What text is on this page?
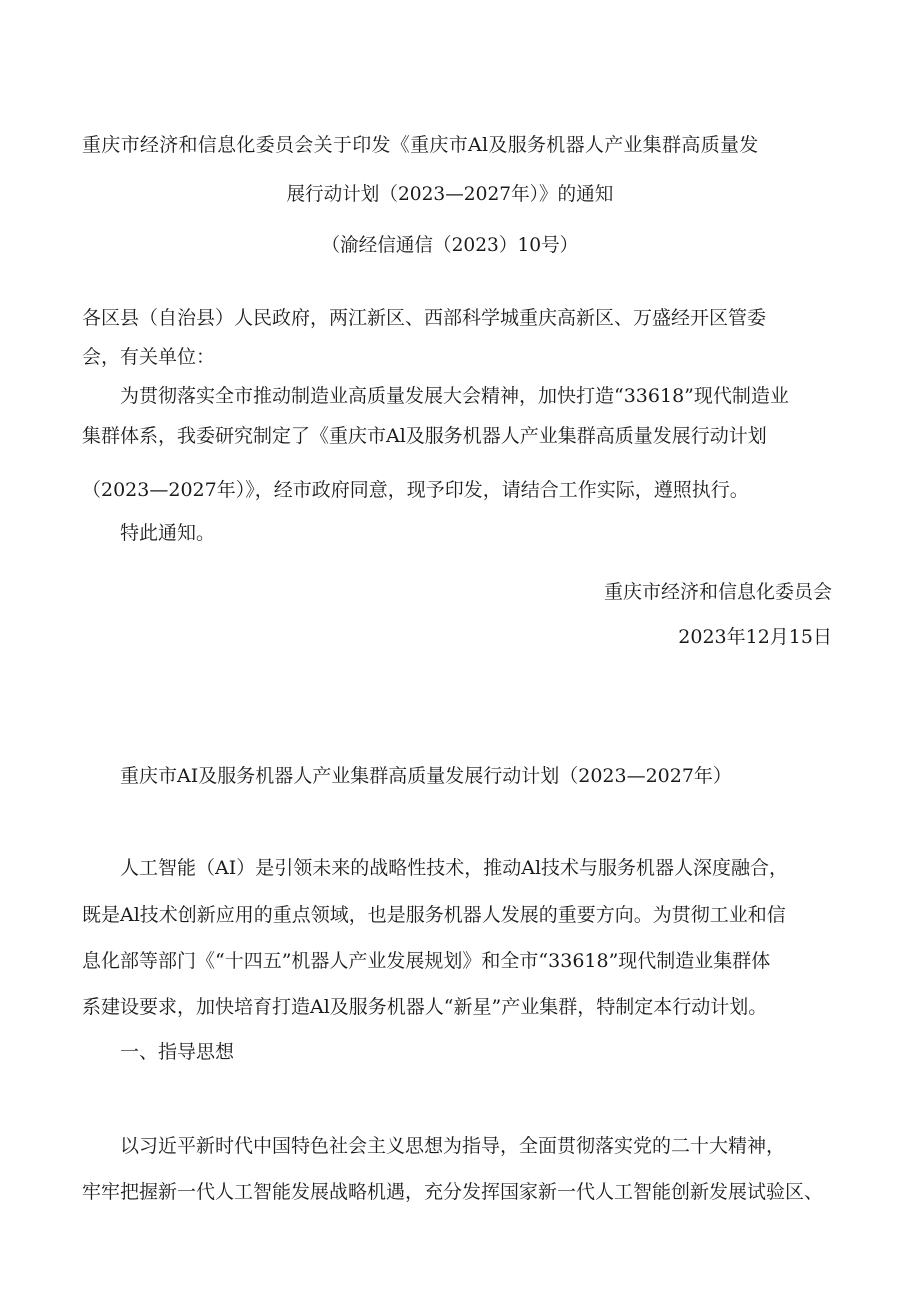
重庆市经济和信息化委员会关于印发《重庆市Al及服务机器人产业集群高质量发
展行动计划（2023—2027年）》的通知
（渝经信通信（2023）10号）
各区县（自治县）人民政府，两江新区、西部科学城重庆高新区、万盛经开区管委
会，有关单位：
为贯彻落实全市推动制造业高质量发展大会精神，加快打造“33618”现代制造业
集群体系，我委研究制定了《重庆市Al及服务机器人产业集群高质量发展行动计划
（2023—2027年）》，经市政府同意，现予印发，请结合工作实际，遵照执行。
特此通知。
重庆市经济和信息化委员会
2023年12月15日
重庆市AI及服务机器人产业集群高质量发展行动计划（2023—2027年）
人工智能（AI）是引领未来的战略性技术，推动Al技术与服务机器人深度融合，
既是Al技术创新应用的重点领域，也是服务机器人发展的重要方向。为贯彻工业和信
息化部等部门《“十四五”机器人产业发展规划》和全市“33618”现代制造业集群体
系建设要求，加快培育打造Al及服务机器人“新星”产业集群，特制定本行动计划。
一、指导思想
以习近平新时代中国特色社会主义思想为指导，全面贯彻落实党的二十大精神，
牢牢把握新一代人工智能发展战略机遇，充分发挥国家新一代人工智能创新发展试验区、
